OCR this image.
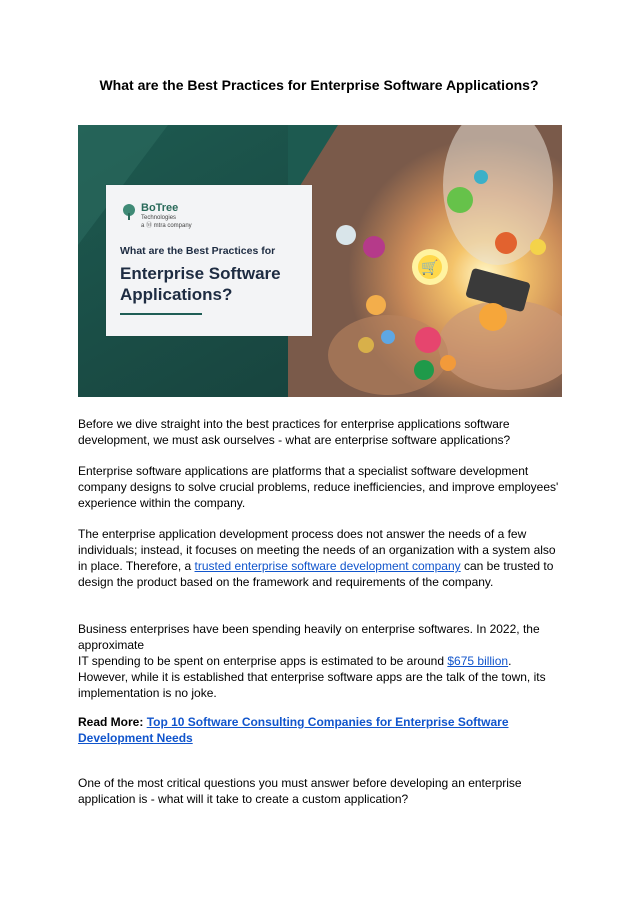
What are the Best Practices for Enterprise Software Applications?
🛒
BoTree
Technologies
a Ⓜ mtra company
What are the Best Practices for
Enterprise Software Applications?
Before we dive straight into the best practices for enterprise applications software development, we must ask ourselves - what are enterprise software applications?
Enterprise software applications are platforms that a specialist software development company designs to solve crucial problems, reduce inefficiencies, and improve employees' experience within the company.
The enterprise application development process does not answer the needs of a few individuals; instead, it focuses on meeting the needs of an organization with a system also in place. Therefore, a trusted enterprise software development company can be trusted to design the product based on the framework and requirements of the company.
Business enterprises have been spending heavily on enterprise softwares. In 2022, the approximate
IT spending to be spent on enterprise apps is estimated to be around $675 billion. However, while it is established that enterprise software apps are the talk of the town, its implementation is no joke.
Read More: Top 10 Software Consulting Companies for Enterprise Software Development Needs
One of the most critical questions you must answer before developing an enterprise application is - what will it take to create a custom application?
